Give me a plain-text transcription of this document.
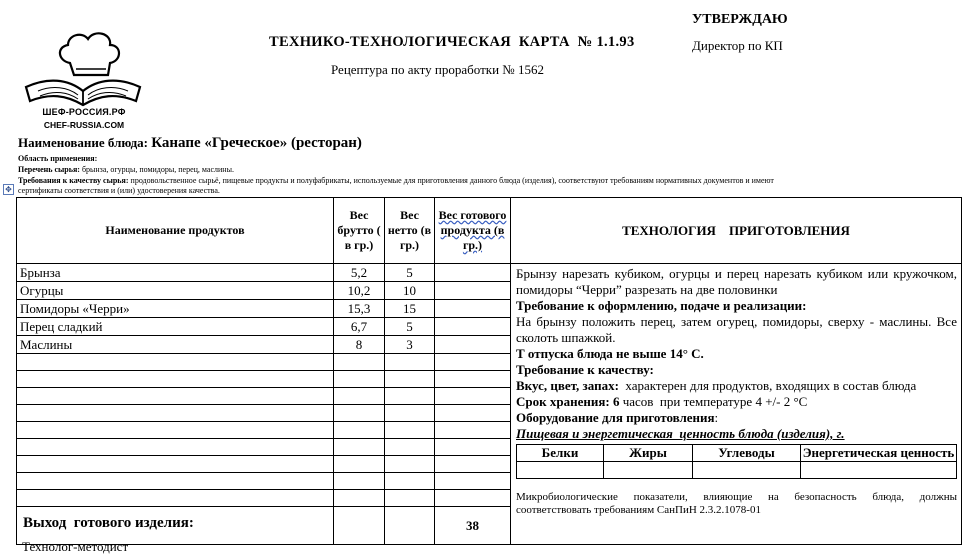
ШЕФ-РОССИЯ.РФ
CHEF-RUSSIA.COM
ТЕХНИКО-ТЕХНОЛОГИЧЕСКАЯ  КАРТА  № 1.1.93
Рецептура по акту проработки № 1562
УТВЕРЖДАЮ
Директор по КП
Наименование блюда: Канапе «Греческое» (ресторан)
Область применения:
Перечень сырья: брынза, огурцы, помидоры, перец, маслины.
Требования к качеству сырья: продовольственное сырьё, пищевые продукты и полуфабрикаты, используемые для приготовления данного блюда (изделия), соответствуют требованиям нормативных документов и имеют
сертификаты соответствия и (или) удостоверения качества.
✥
Наименование продуктов	Вес брутто ( в гр.)	Вес нетто (в гр.)	Вес готового продукта (в гр.)	ТЕХНОЛОГИЯ    ПРИГОТОВЛЕНИЯ
Брынза	5,2	5		Брынзу нарезать кубиком, огурцы и перец нарезать кубиком или кружочком, помидоры “Черри” разрезать на две половинки

Требование к оформлению, подаче и реализации:

На брынзу положить перец, затем огурец, помидоры, сверху - маслины. Все сколоть шпажкой.

Т отпуска блюда не выше 14° С.

Требование к качеству:

Вкус, цвет, запах:  характерен для продуктов, входящих в состав блюда

Срок хранения: 6 часов  при температуре 4 +/- 2 °С

Оборудование для приготовления:

Пищевая и энергетическая  ценность блюда (изделия), г.

Белки	Жиры	Углеводы	Энергетическая ценность

Микробиологические показатели, влияющие на безопасность блюда, должны соответствовать требованиям СанПиН 2.3.2.1078-01

Огурцы	10,2	10	
Помидоры «Черри»	15,3	15	
Перец сладкий	6,7	5	
Маслины	8	3	

Выход  готового изделия:			38
Технолог-методист
